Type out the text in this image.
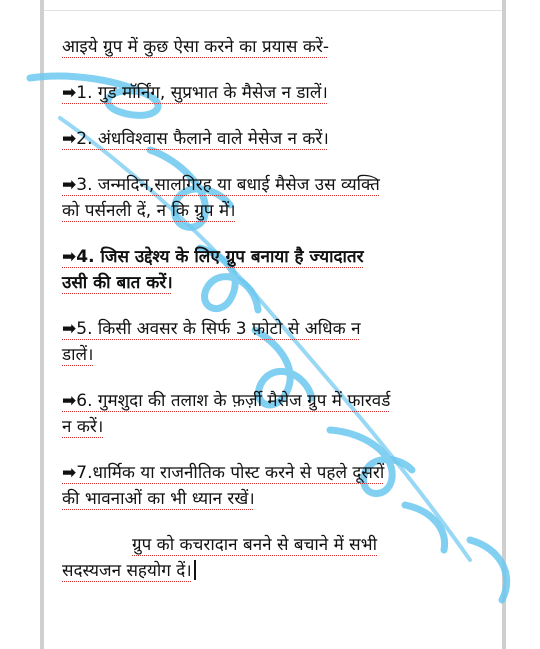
आइये ग्रुप में कुछ ऐसा करने का प्रयास करें-
➡1. गुड मॉर्निंग, सुप्रभात के मैसेज न डालें।
➡2. अंधविश्वास फैलाने वाले मेसेज न करें।
➡3. जन्मदिन,सालगिरह या बधाई मैसेज उस व्यक्ति
को पर्सनली दें, न कि ग्रुप में।
➡4. जिस उद्देश्य के लिए ग्रुप बनाया है ज्यादातर
उसी की बात करें।
➡5. किसी अवसर के सिर्फ 3 फ़ोटो से अधिक न
डालें।
➡6. गुमशुदा की तलाश के फ़र्ज़ी मैसेज ग्रुप में फारवर्ड
न करें।
➡7.धार्मिक या राजनीतिक पोस्ट करने से पहले दूसरों
की भावनाओं का भी ध्यान रखें।
ग्रुप को कचरादान बनने से बचाने में सभी
सदस्यजन सहयोग दें।
